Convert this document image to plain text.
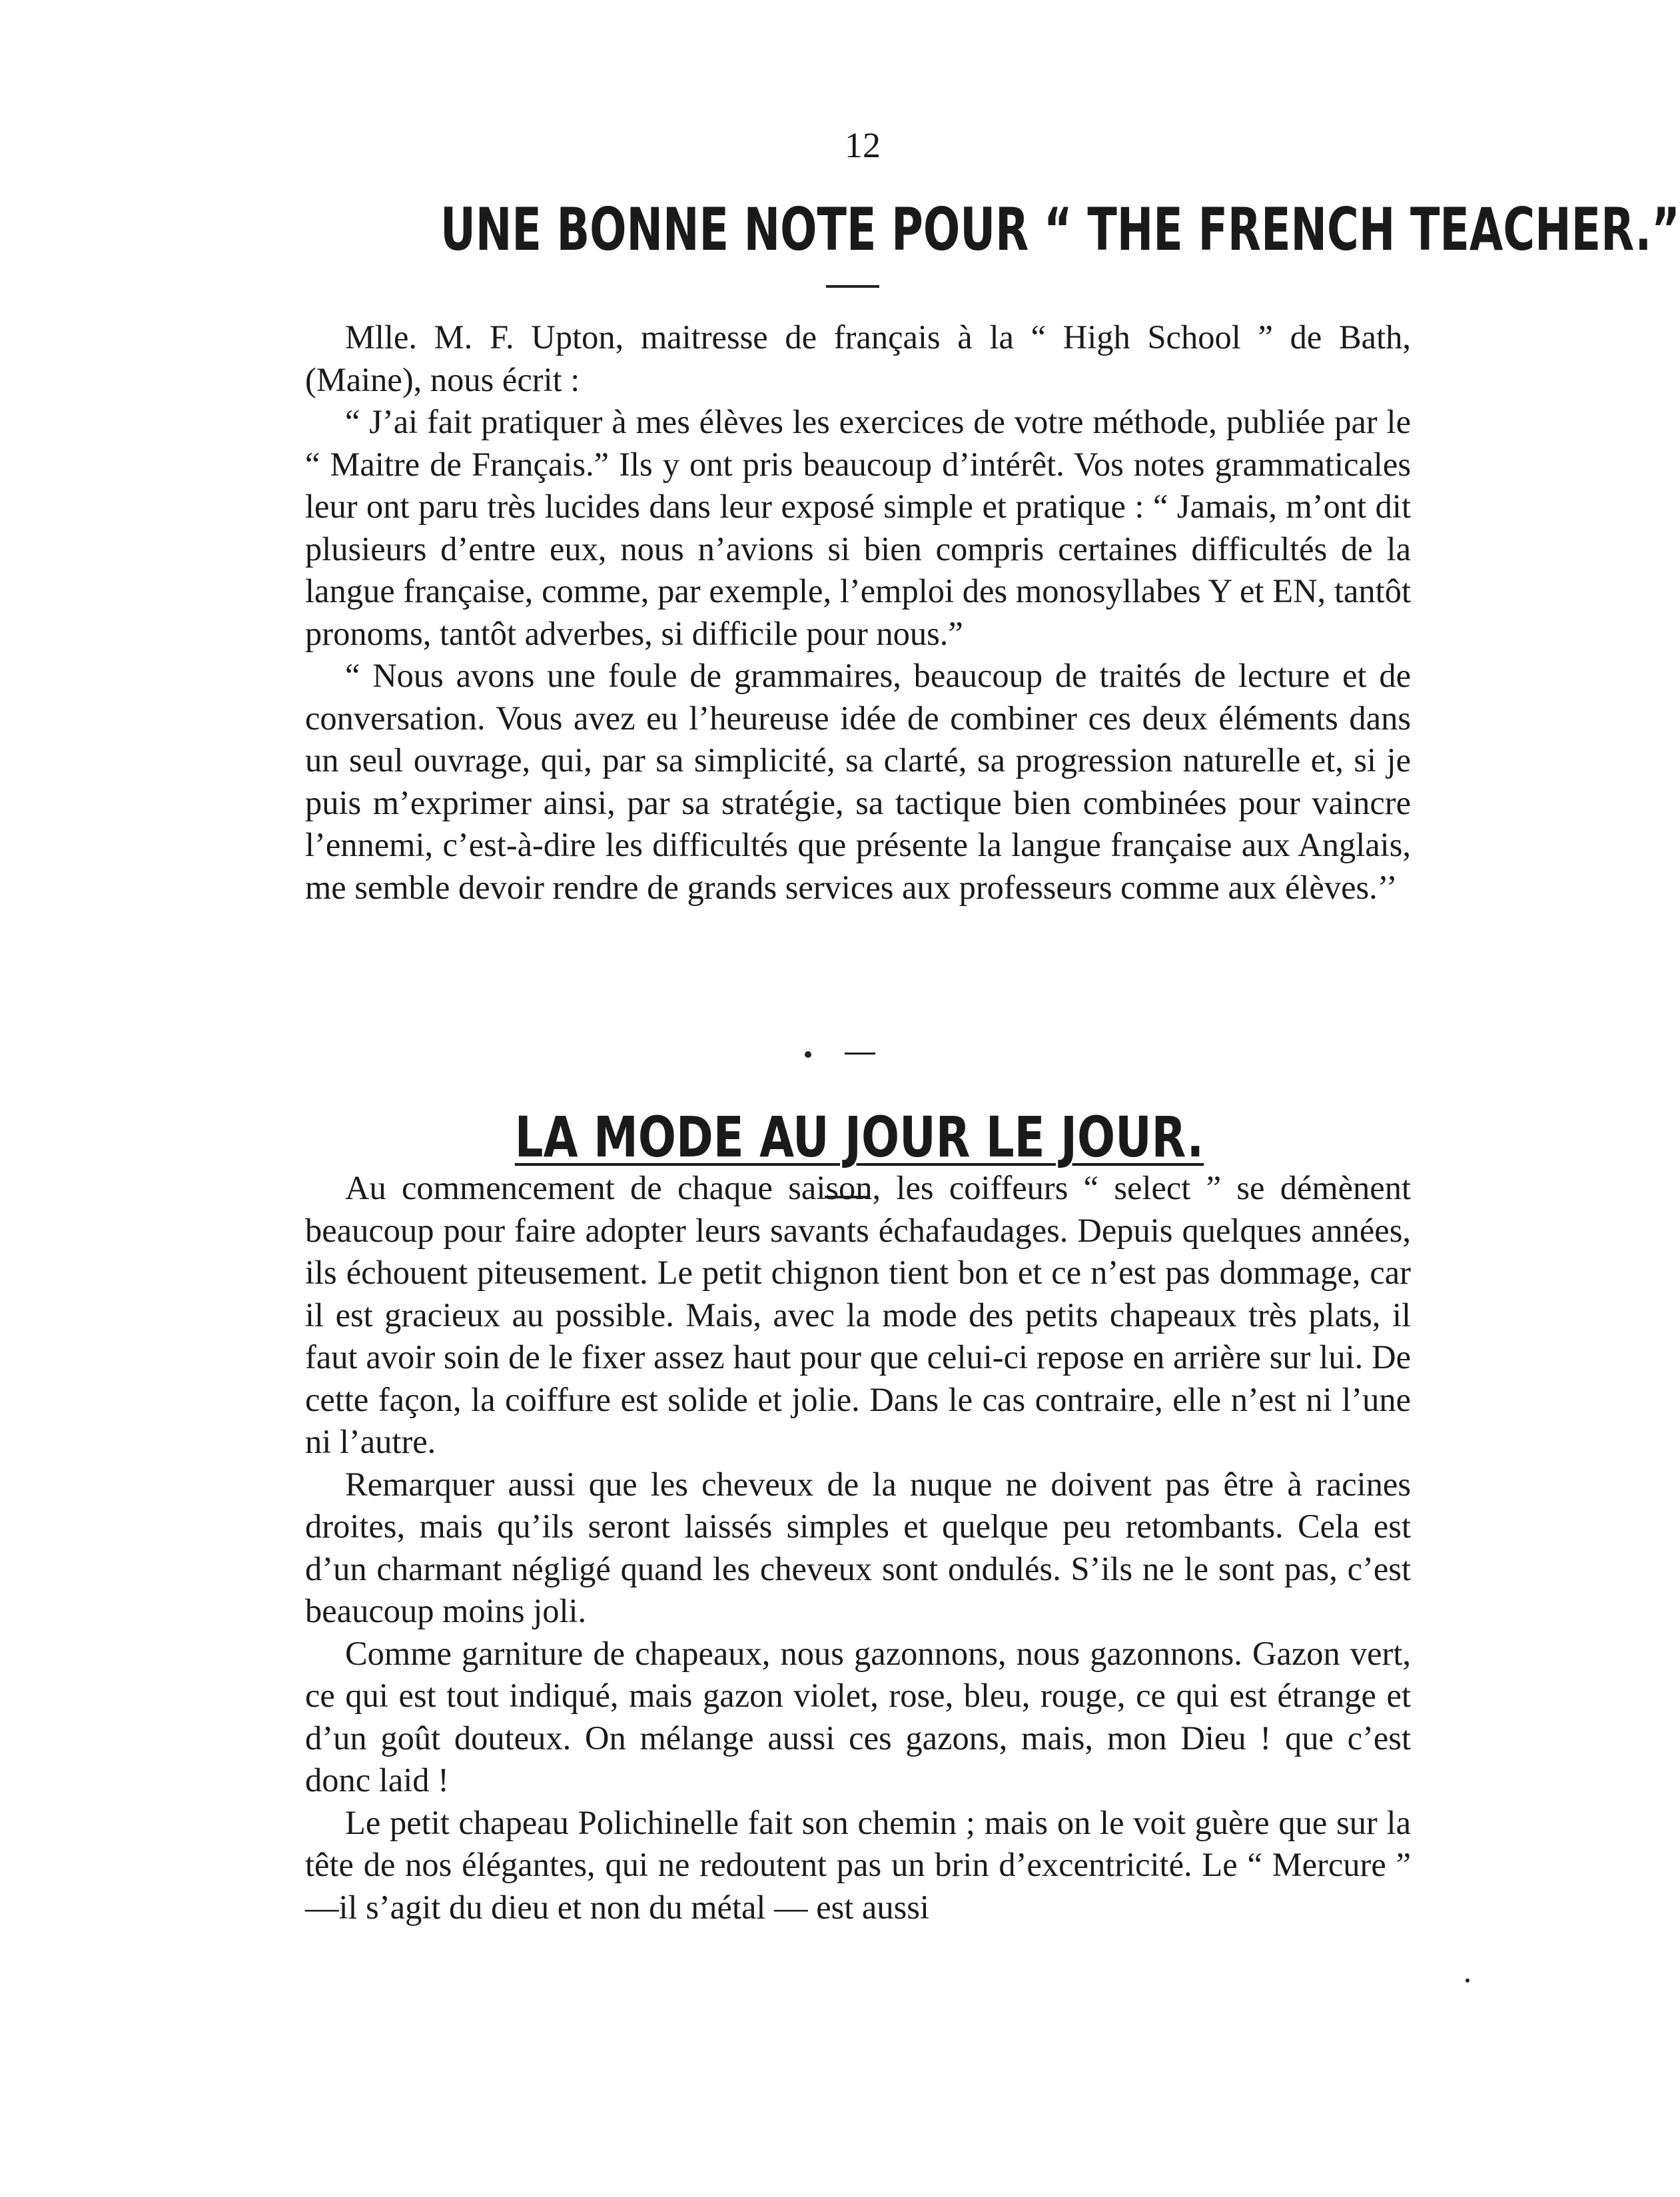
12
UNE BONNE NOTE POUR “ THE FRENCH TEACHER.”

Mlle. M. F. Upton, maitresse de français à la “ High School ” de Bath, (Maine), nous écrit :

“ J’ai fait pratiquer à mes élèves les exercices de votre méthode, publiée par le “ Maitre de Français.” Ils y ont pris beaucoup d’intérêt. Vos notes grammaticales leur ont paru très lucides dans leur exposé simple et pratique : “ Jamais, m’ont dit plusieurs d’entre eux, nous n’avions si bien compris certaines difficultés de la langue française, comme, par exemple, l’emploi des monosyllabes Y et EN, tantôt pronoms, tantôt adverbes, si difficile pour nous.”

“ Nous avons une foule de grammaires, beaucoup de traités de lecture et de conversation. Vous avez eu l’heureuse idée de combiner ces deux éléments dans un seul ouvrage, qui, par sa simplicité, sa clarté, sa progression naturelle et, si je puis m’exprimer ainsi, par sa stratégie, sa tactique bien combinées pour vaincre l’ennemi, c’est-à-dire les difficultés que présente la langue française aux Anglais, me semble devoir rendre de grands services aux professeurs comme aux élèves.’’

LA MODE AU JOUR LE JOUR.

Au commencement de chaque saison, les coiffeurs “ select ” se démènent beaucoup pour faire adopter leurs savants échafaudages. Depuis quelques années, ils échouent piteusement. Le petit chignon tient bon et ce n’est pas dommage, car il est gracieux au possible. Mais, avec la mode des petits chapeaux très plats, il faut avoir soin de le fixer assez haut pour que celui-ci repose en arrière sur lui. De cette façon, la coiffure est solide et jolie. Dans le cas contraire, elle n’est ni l’une ni l’autre.

Remarquer aussi que les cheveux de la nuque ne doivent pas être à racines droites, mais qu’ils seront laissés simples et quelque peu retombants. Cela est d’un charmant négligé quand les cheveux sont ondulés. S’ils ne le sont pas, c’est beaucoup moins joli.

Comme garniture de chapeaux, nous gazonnons, nous gazonnons. Gazon vert, ce qui est tout indiqué, mais gazon violet, rose, bleu, rouge, ce qui est étrange et d’un goût douteux. On mélange aussi ces gazons, mais, mon Dieu ! que c’est donc laid !

Le petit chapeau Polichinelle fait son chemin ; mais on le voit guère que sur la tête de nos élégantes, qui ne redoutent pas un brin d’excentricité. Le “ Mercure ” —il s’agit du dieu et non du métal — est aussi
